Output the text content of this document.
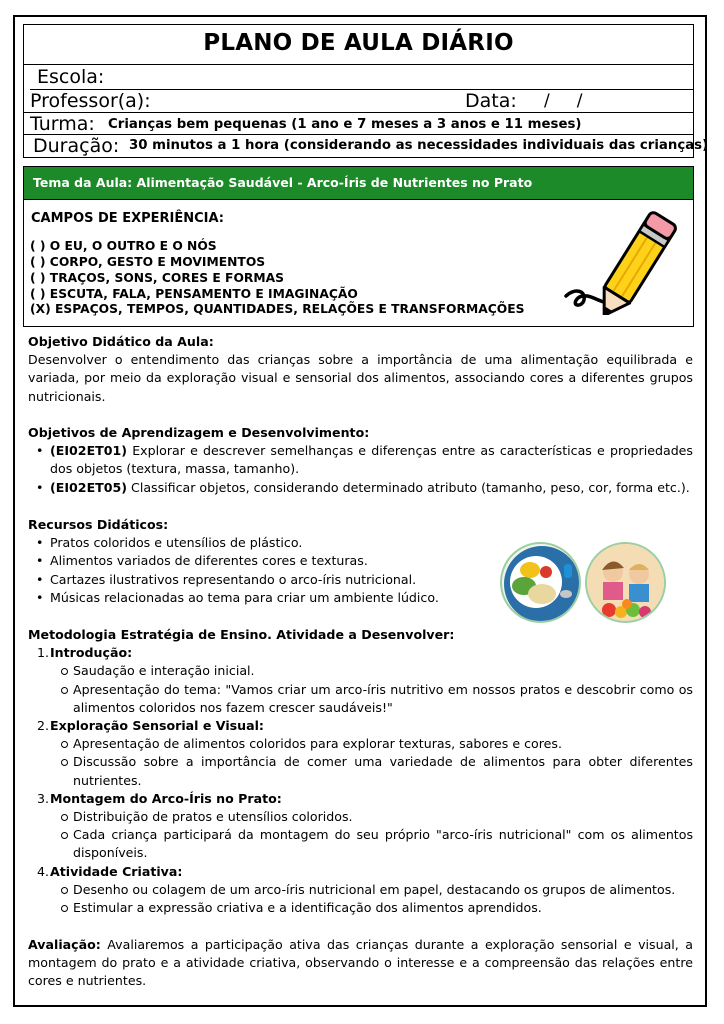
PLANO DE AULA DIÁRIO
Escola:
Professor(a):	Data: /     /
Turma: Crianças bem pequenas (1 ano e 7 meses a 3 anos e 11 meses)
Duração: 30 minutos a 1 hora (considerando as necessidades individuais das crianças)
Tema da Aula: Alimentação Saudável - Arco-Íris de Nutrientes no Prato
CAMPOS DE EXPERIÊNCIA:
( ) O EU, O OUTRO E O NÓS
( ) CORPO, GESTO E MOVIMENTOS
( ) TRAÇOS, SONS, CORES E FORMAS
( ) ESCUTA, FALA, PENSAMENTO E IMAGINAÇÃO
(X) ESPAÇOS, TEMPOS, QUANTIDADES, RELAÇÕES E TRANSFORMAÇÕES
Objetivo Didático da Aula:
Desenvolver o entendimento das crianças sobre a importância de uma alimentação equilibrada e variada, por meio da exploração visual e sensorial dos alimentos, associando cores a diferentes grupos nutricionais.
Objetivos de Aprendizagem e Desenvolvimento:
• (EI02ET01) Explorar e descrever semelhanças e diferenças entre as características e propriedades dos objetos (textura, massa, tamanho).
• (EI02ET05) Classificar objetos, considerando determinado atributo (tamanho, peso, cor, forma etc.).
Recursos Didáticos:
• Pratos coloridos e utensílios de plástico.
• Alimentos variados de diferentes cores e texturas.
• Cartazes ilustrativos representando o arco-íris nutricional.
• Músicas relacionadas ao tema para criar um ambiente lúdico.
Metodologia Estratégia de Ensino. Atividade a Desenvolver:
1. Introdução:
Saudação e interação inicial.
Apresentação do tema: "Vamos criar um arco-íris nutritivo em nossos pratos e descobrir como os alimentos coloridos nos fazem crescer saudáveis!"
2. Exploração Sensorial e Visual:
Apresentação de alimentos coloridos para explorar texturas, sabores e cores.
Discussão sobre a importância de comer uma variedade de alimentos para obter diferentes nutrientes.
3. Montagem do Arco-Íris no Prato:
Distribuição de pratos e utensílios coloridos.
Cada criança participará da montagem do seu próprio "arco-íris nutricional" com os alimentos disponíveis.
4. Atividade Criativa:
Desenho ou colagem de um arco-íris nutricional em papel, destacando os grupos de alimentos.
Estimular a expressão criativa e a identificação dos alimentos aprendidos.
Avaliação: Avaliaremos a participação ativa das crianças durante a exploração sensorial e visual, a montagem do prato e a atividade criativa, observando o interesse e a compreensão das relações entre cores e nutrientes.
